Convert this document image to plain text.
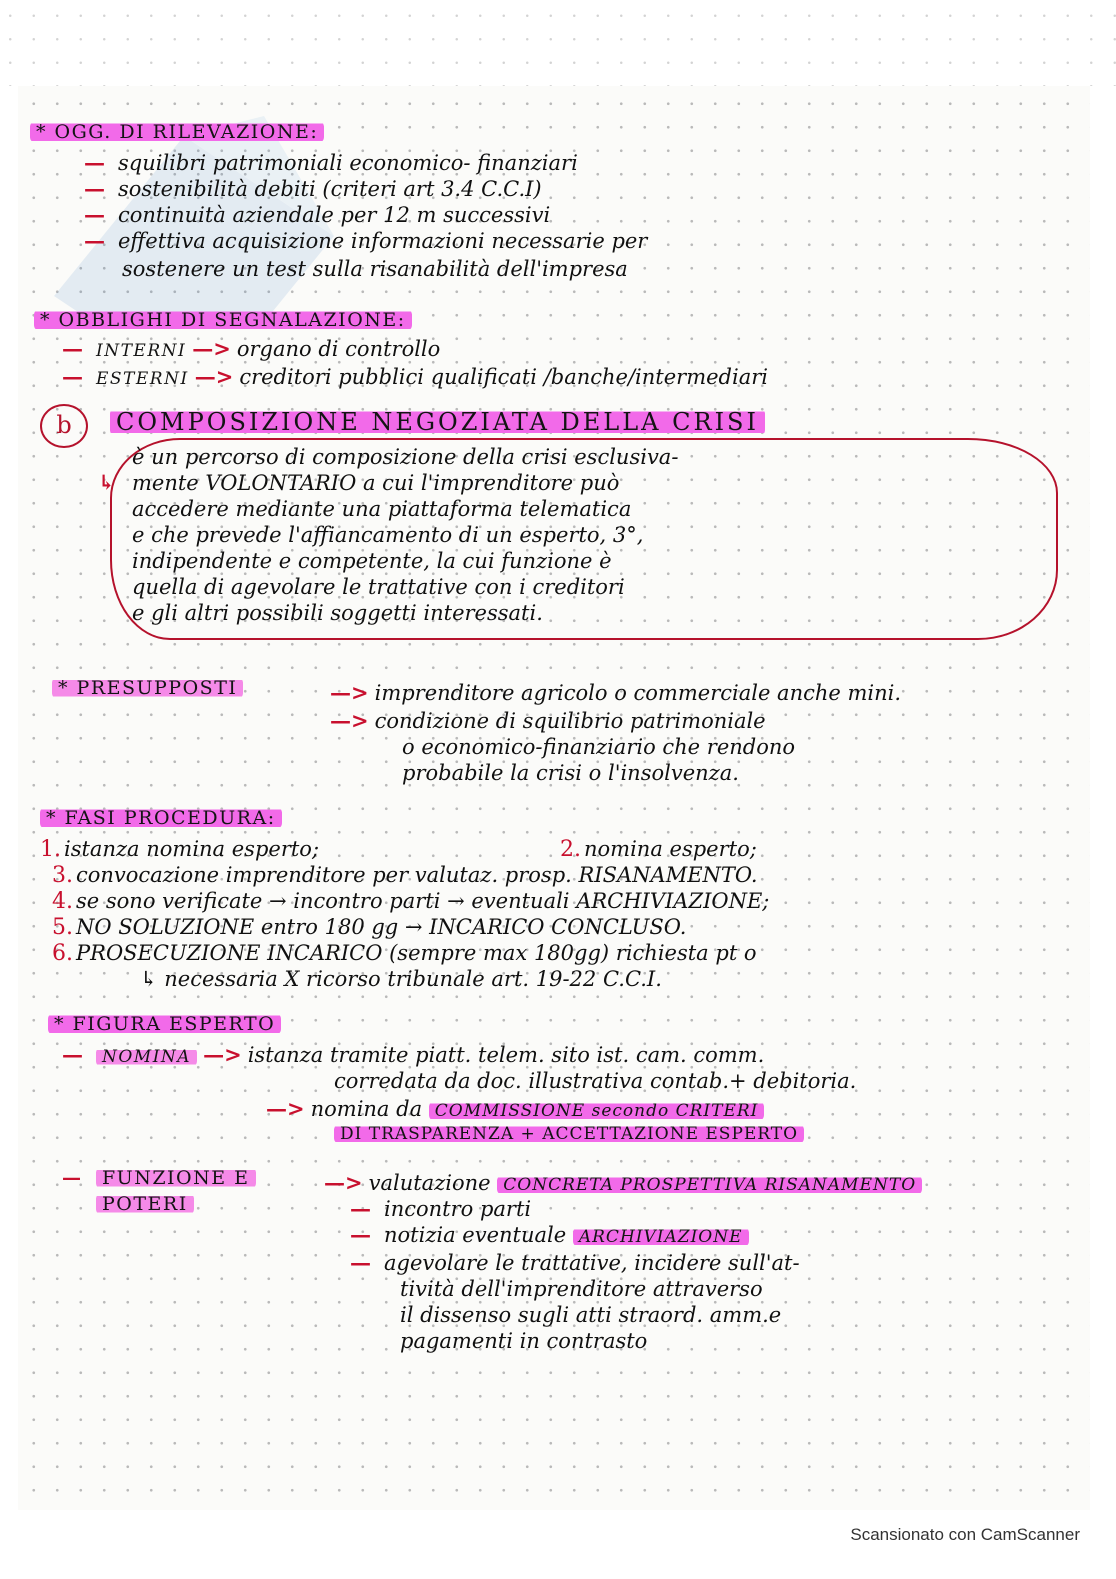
* OGG. DI RILEVAZIONE:

— squilibri patrimoniali economico- finanziari

— sostenibilità debiti (criteri art 3.4 C.C.I)

— continuità aziendale per 12 m successivi

— effettiva acquisizione informazioni necessarie per

sostenere un test sulla risanabilità dell'impresa

* OBBLIGHI DI SEGNALAZIONE:

— INTERNI —> organo di controllo

— ESTERNI —> creditori pubblici qualificati /banche/intermediari

b	COMPOSIZIONE NEGOZIATA DELLA CRISI
↳

è un percorso di composizione della crisi esclusiva-

mente VOLONTARIO a cui l'imprenditore può

accedere mediante una piattaforma telematica

e che prevede l'affiancamento di un esperto, 3°,

indipendente e competente, la cui funzione è

quella di agevolare le trattative con i creditori

e gli altri possibili soggetti interessati.

* PRESUPPOSTI	—> imprenditore agricolo o commerciale anche mini.

—> condizione di squilibrio patrimoniale

o economico-finanziario che rendono

probabile la crisi o l'insolvenza.

* FASI PROCEDURA:

1. istanza nomina esperto;	2. nomina esperto;

3. convocazione imprenditore per valutaz. prosp. RISANAMENTO.

4. se sono verificate → incontro parti → eventuali ARCHIVIAZIONE;

5. NO SOLUZIONE entro 180 gg → INCARICO CONCLUSO.

6. PROSECUZIONE INCARICO (sempre max 180gg) richiesta pt o

↳ necessaria X ricorso tribunale art. 19-22 C.C.I.

* FIGURA ESPERTO

— NOMINA —> istanza tramite piatt. telem. sito ist. cam. comm.

corredata da doc. illustrativa contab.+ debitoria.

—> nomina da COMMISSIONE secondo CRITERI

DI TRASPARENZA + ACCETTAZIONE ESPERTO

— FUNZIONE E

POTERI

—> valutazione CONCRETA PROSPETTIVA RISANAMENTO

— incontro parti

— notizia eventuale ARCHIVIAZIONE

— agevolare le trattative, incidere sull'at-

tività dell'imprenditore attraverso

il dissenso sugli atti straord. amm.e

pagamenti in contrasto

Scansionato con CamScanner
